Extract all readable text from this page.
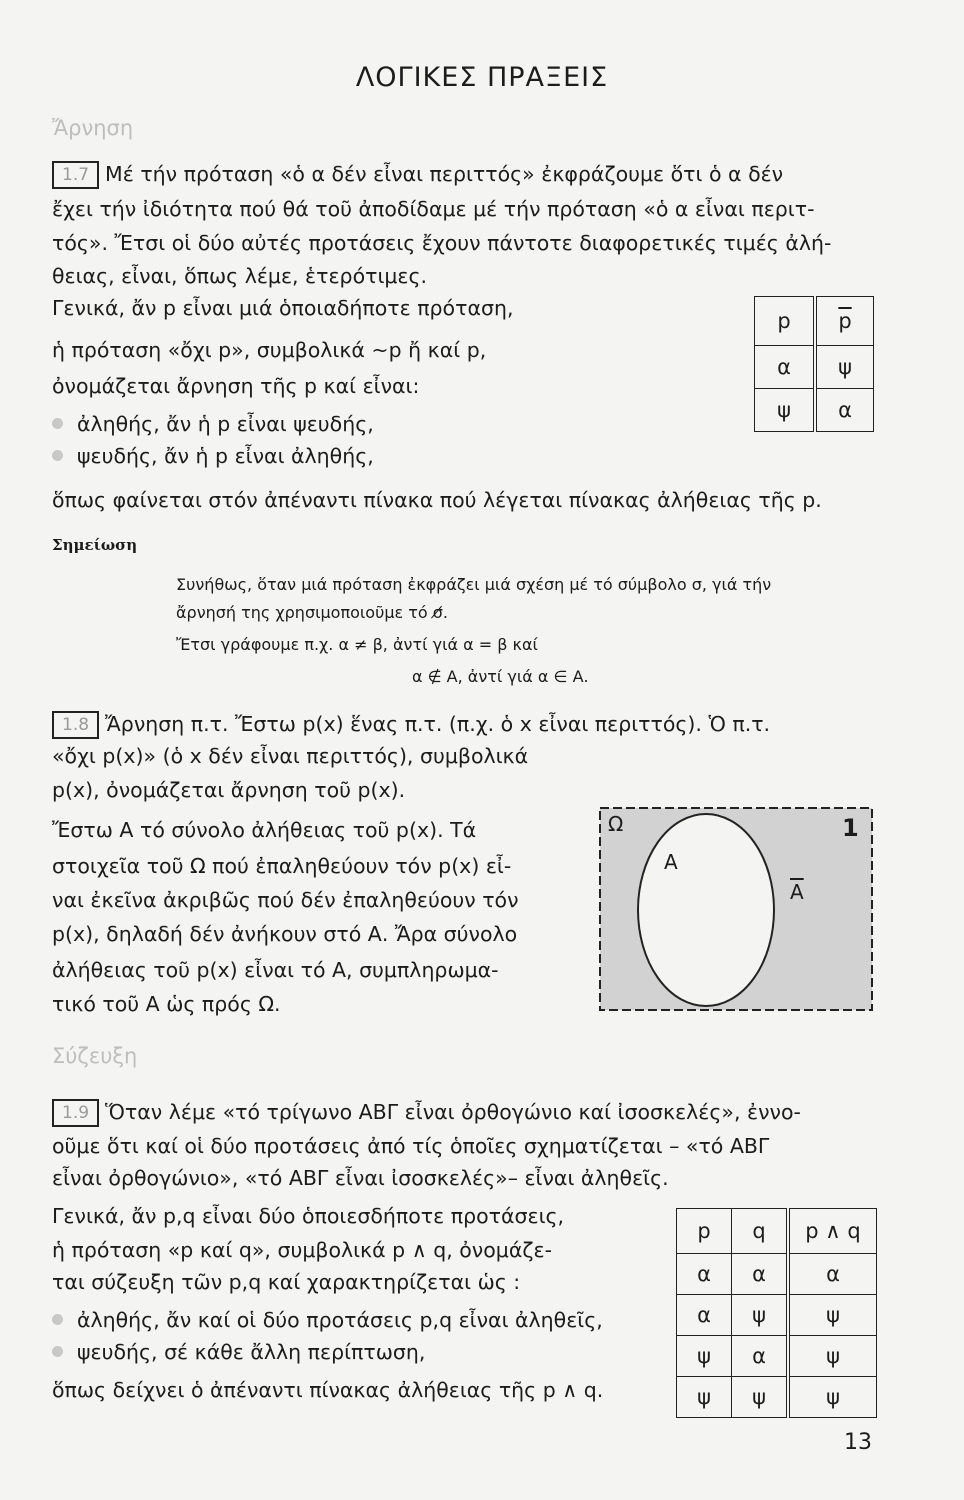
ΛΟΓΙΚΕΣ ΠΡΑΞΕΙΣ
Ἄρνηση
1.7 Μέ τήν πρόταση «ὁ α δέν εἶναι περιττός» ἐκφράζουμε ὅτι ὁ α δέν
ἔχει τήν ἰδιότητα πού θά τοῦ ἀποδίδαμε μέ τήν πρόταση «ὁ α εἶναι περιτ-
τός». Ἔτσι οἱ δύο αὐτές προτάσεις ἔχουν πάντοτε διαφορετικές τιμές ἀλή-
θειας, εἶναι, ὅπως λέμε, ἑτερότιμες.
Γενικά, ἄν p εἶναι μιά ὁποιαδήποτε πρόταση,
ἡ πρόταση «ὄχι p», συμβολικά ~p ἤ καί p,
ὀνομάζεται ἄρνηση τῆς p καί εἶναι:
ἀληθής, ἄν ἡ p εἶναι ψευδής,
ψευδής, ἄν ἡ p εἶναι ἀληθής,
p	$\overline{p}$
α	ψ
ψ	α
ὅπως φαίνεται στόν ἀπέναντι πίνακα πού λέγεται πίνακας ἀλήθειας τῆς p.
Σημείωση
Συνήθως, ὅταν μιά πρόταση ἐκφράζει μιά σχέση μέ τό σύμβολο σ, γιά τήν
ἄρνησή της χρησιμοποιοῦμε τό σ̸.
Ἔτσι γράφουμε π.χ. α ≠ β, ἀντί γιά α = β καί
α ∉ Α, ἀντί γιά α ∈ Α.
1.8 Ἄρνηση π.τ. Ἔστω p(x) ἕνας π.τ. (π.χ. ὁ x εἶναι περιττός). Ὁ π.τ.
«ὄχι p(x)» (ὁ x δέν εἶναι περιττός), συμβολικά
p(x), ὀνομάζεται ἄρνηση τοῦ p(x).
Ἔστω Α τό σύνολο ἀλήθειας τοῦ p(x). Τά
στοιχεῖα τοῦ Ω πού ἐπαληθεύουν τόν p(x) εἶ-
ναι ἐκεῖνα ἀκριβῶς πού δέν ἐπαληθεύουν τόν
p(x), δηλαδή δέν ἀνήκουν στό Α. Ἄρα σύνολο
ἀλήθειας τοῦ p(x) εἶναι τό Α, συμπληρωμα-
τικό τοῦ Α ὡς πρός Ω.
Ω
Α
$\overline{A}$
1
Σύζευξη
1.9 Ὅταν λέμε «τό τρίγωνο ΑΒΓ εἶναι ὀρθογώνιο καί ἰσοσκελές», ἐννο-
οῦμε ὅτι καί οἱ δύο προτάσεις ἀπό τίς ὁποῖες σχηματίζεται – «τό ΑΒΓ
εἶναι ὀρθογώνιο», «τό ΑΒΓ εἶναι ἰσοσκελές»– εἶναι ἀληθεῖς.
Γενικά, ἄν p,q εἶναι δύο ὁποιεσδήποτε προτάσεις,
ἡ πρόταση «p καί q», συμβολικά p ∧ q, ὀνομάζε-
ται σύζευξη τῶν p,q καί χαρακτηρίζεται ὡς :
ἀληθής, ἄν καί οἱ δύο προτάσεις p,q εἶναι ἀληθεῖς,
ψευδής, σέ κάθε ἄλλη περίπτωση,
ὅπως δείχνει ὁ ἀπέναντι πίνακας ἀλήθειας τῆς p ∧ q.
p	q	p ∧ q
α	α	α
α	ψ	ψ
ψ	α	ψ
ψ	ψ	ψ
13
